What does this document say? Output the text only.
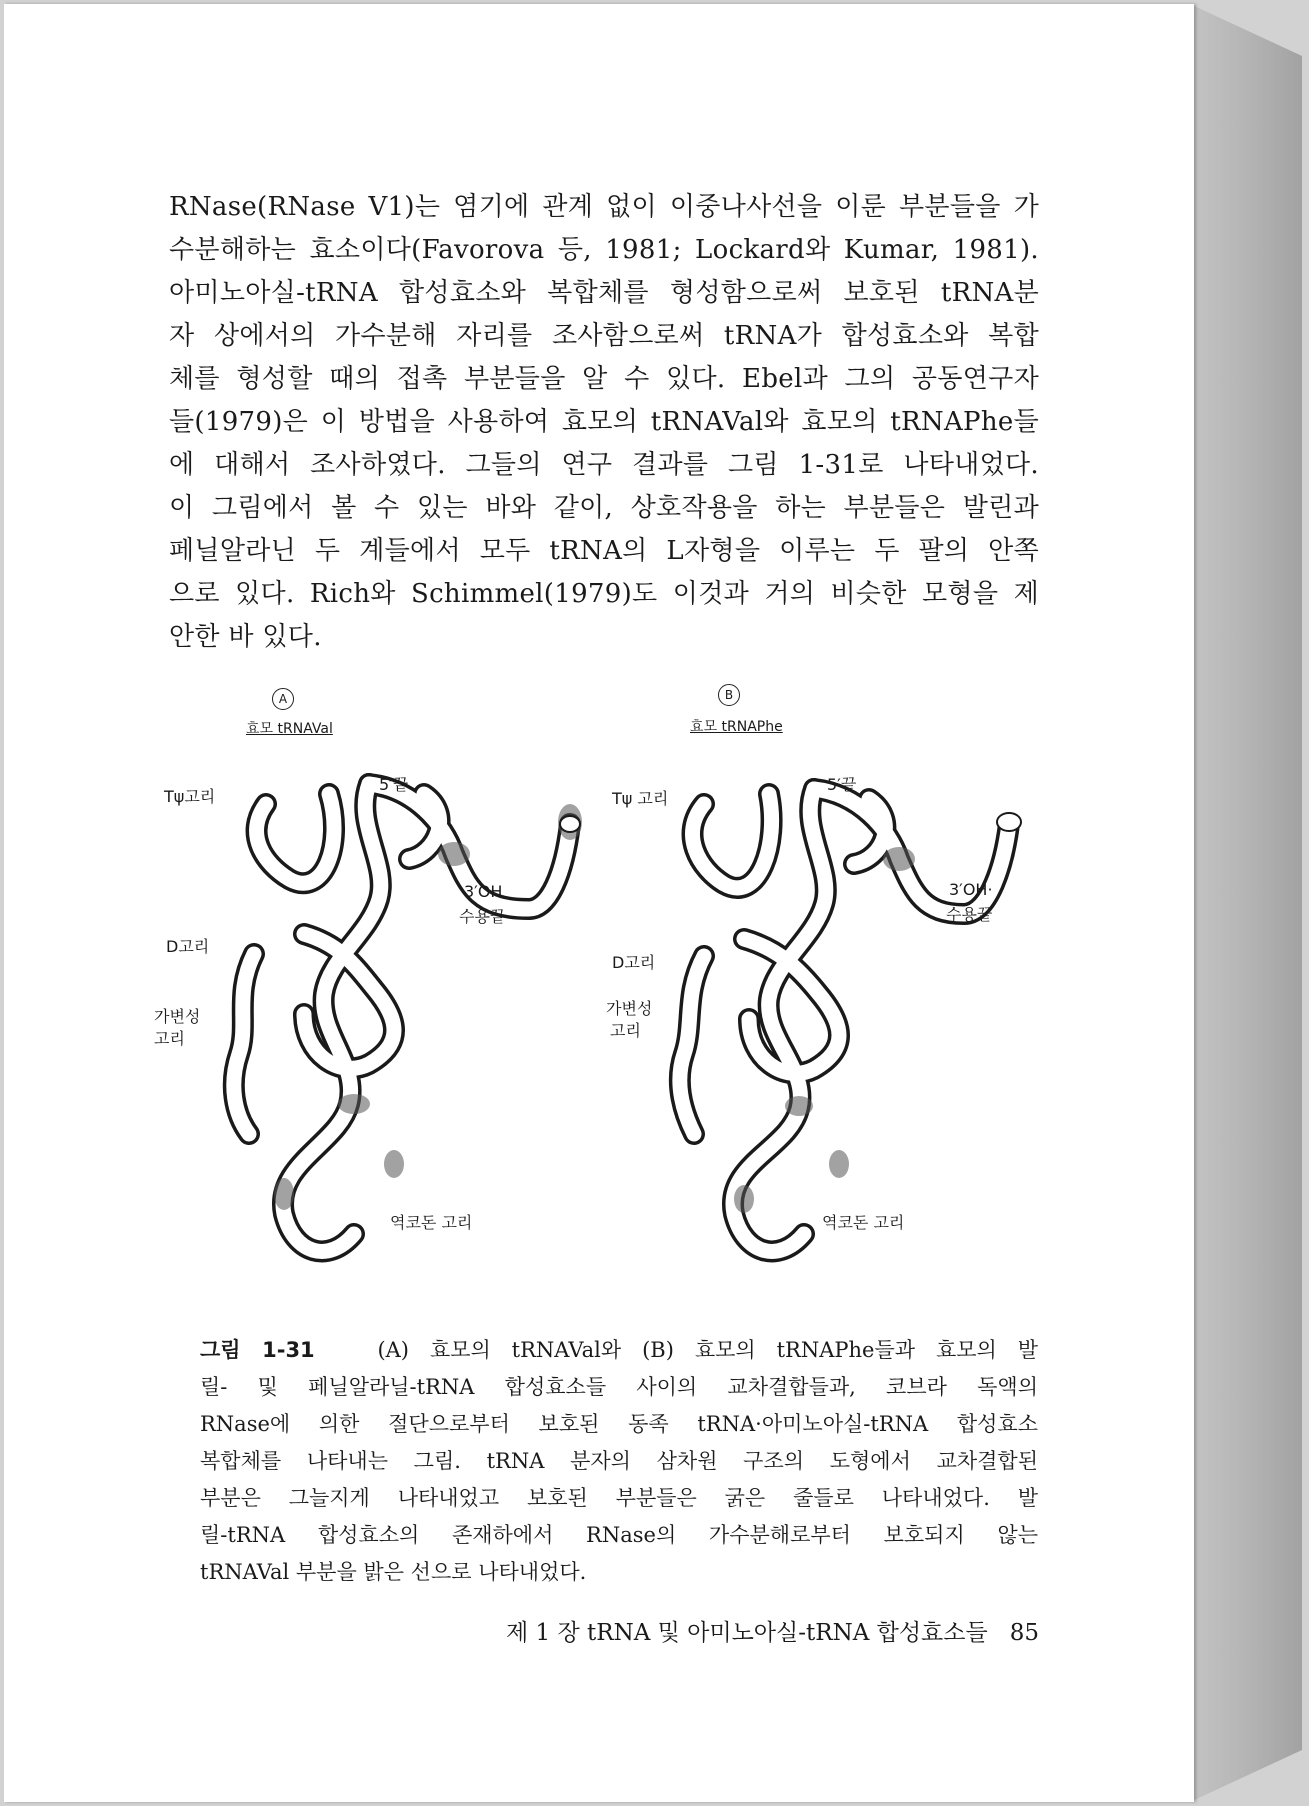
RNase(RNase V1)는 염기에 관계 없이 이중나사선을 이룬 부분들을 가
수분해하는 효소이다(Favorova 등, 1981; Lockard와 Kumar, 1981).
아미노아실-tRNA 합성효소와 복합체를 형성함으로써 보호된 tRNA분
자 상에서의 가수분해 자리를 조사함으로써 tRNA가 합성효소와 복합
체를 형성할 때의 접촉 부분들을 알 수 있다. Ebel과 그의 공동연구자
들(1979)은 이 방법을 사용하여 효모의 tRNAVal와 효모의 tRNAPhe들
에 대해서 조사하였다. 그들의 연구 결과를 그림 1-31로 나타내었다.
이 그림에서 볼 수 있는 바와 같이, 상호작용을 하는 부분들은 발린과
페닐알라닌 두 계들에서 모두 tRNA의 L자형을 이루는 두 팔의 안쪽
으로 있다. Rich와 Schimmel(1979)도 이것과 거의 비슷한 모형을 제
안한 바 있다.
A
효모 tRNAVal
Tψ고리
5′끝
3′OH
수용끝
D고리
가변성
고리
역코돈 고리
B
효모 tRNAPhe
Tψ 고리
5′끝
3′OH·
수용끝
D고리
가변성
고리
역코돈 고리
그림 1-31	(A) 효모의 tRNAVal와 (B) 효모의 tRNAPhe들과 효모의 발
릴- 및 페닐알라닐-tRNA 합성효소들 사이의 교차결합들과, 코브라 독액의
RNase에 의한 절단으로부터 보호된 동족 tRNA·아미노아실-tRNA 합성효소
복합체를 나타내는 그림. tRNA 분자의 삼차원 구조의 도형에서 교차결합된
부분은 그늘지게 나타내었고 보호된 부분들은 굵은 줄들로 나타내었다. 발
릴-tRNA 합성효소의 존재하에서 RNase의 가수분해로부터 보호되지 않는
tRNAVal 부분을 밝은 선으로 나타내었다.
제 1 장 tRNA 및 아미노아실-tRNA 합성효소들 85
